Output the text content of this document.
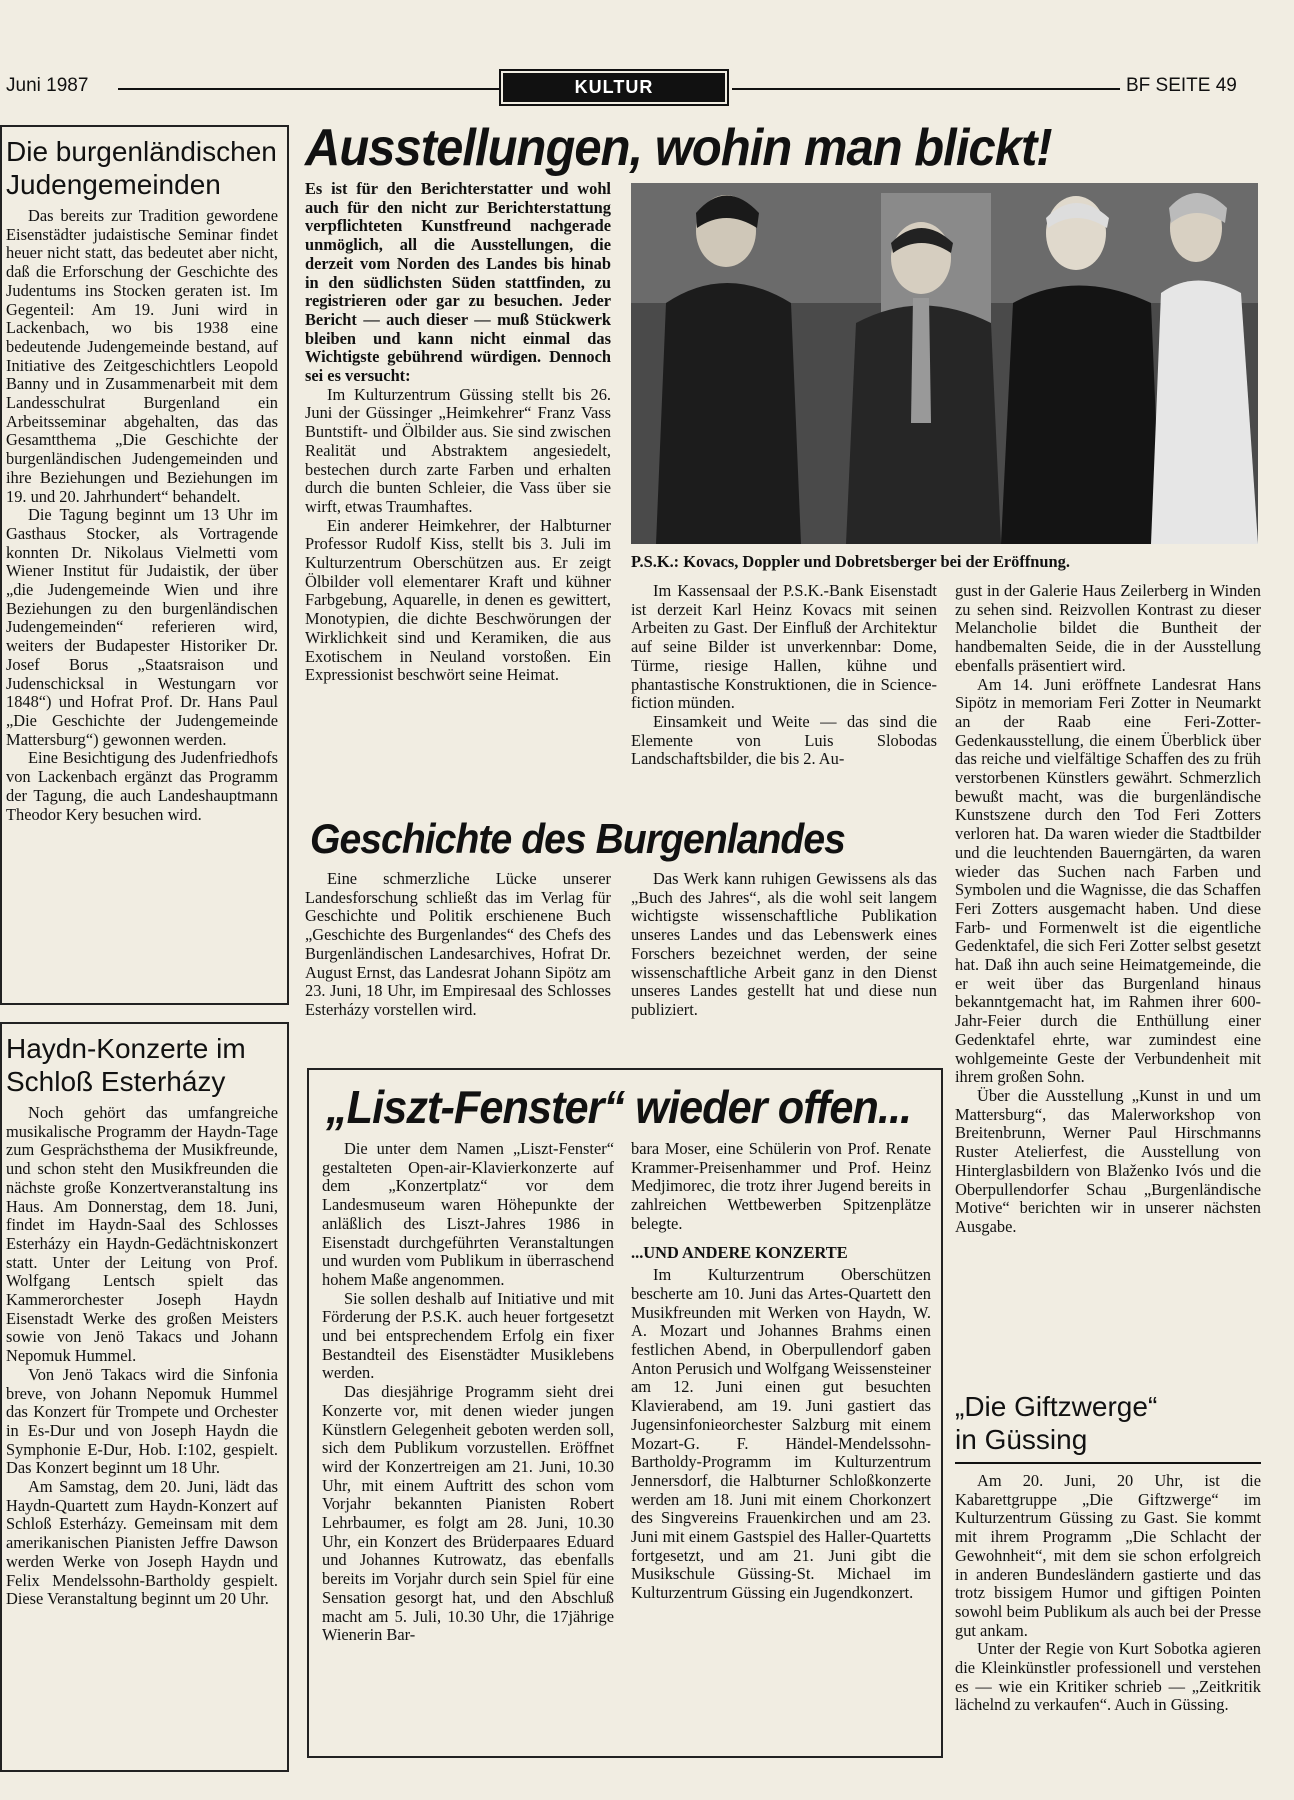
Juni 1987	KULTUR	BF SEITE 49
Die burgenländischen
Judengemeinden

Das bereits zur Tradition gewordene Eisenstädter judaistische Seminar findet heuer nicht statt, das bedeutet aber nicht, daß die Erforschung der Geschichte des Judentums ins Stocken geraten ist. Im Gegenteil: Am 19. Juni wird in Lackenbach, wo bis 1938 eine bedeutende Judengemeinde bestand, auf Initiative des Zeitgeschichtlers Leopold Banny und in Zusammenarbeit mit dem Landesschulrat Burgenland ein Arbeitsseminar abgehalten, das das Gesamtthema „Die Geschichte der burgenländischen Judengemeinden und ihre Beziehungen und Beziehungen im 19. und 20. Jahrhundert“ behandelt.

Die Tagung beginnt um 13 Uhr im Gasthaus Stocker, als Vortragende konnten Dr. Nikolaus Vielmetti vom Wiener Institut für Judaistik, der über „die Judengemeinde Wien und ihre Beziehungen zu den burgenländischen Judengemeinden“ referieren wird, weiters der Budapester Historiker Dr. Josef Borus „Staatsraison und Judenschicksal in Westungarn vor 1848“) und Hofrat Prof. Dr. Hans Paul „Die Geschichte der Judengemeinde Mattersburg“) gewonnen werden.

Eine Besichtigung des Judenfriedhofs von Lackenbach ergänzt das Programm der Tagung, die auch Landeshauptmann Theodor Kery besuchen wird.

Haydn-Konzerte im
Schloß Esterházy

Noch gehört das umfangreiche musikalische Programm der Haydn-Tage zum Gesprächsthema der Musikfreunde, und schon steht den Musikfreunden die nächste große Konzertveranstaltung ins Haus. Am Donnerstag, dem 18. Juni, findet im Haydn-Saal des Schlosses Esterházy ein Haydn-Gedächtniskonzert statt. Unter der Leitung von Prof. Wolfgang Lentsch spielt das Kammerorchester Joseph Haydn Eisenstadt Werke des großen Meisters sowie von Jenö Takacs und Johann Nepomuk Hummel.

Von Jenö Takacs wird die Sinfonia breve, von Johann Nepomuk Hummel das Konzert für Trompete und Orchester in Es-Dur und von Joseph Haydn die Symphonie E-Dur, Hob. I:102, gespielt. Das Konzert beginnt um 18 Uhr.

Am Samstag, dem 20. Juni, lädt das Haydn-Quartett zum Haydn-Konzert auf Schloß Esterházy. Gemeinsam mit dem amerikanischen Pianisten Jeffre Dawson werden Werke von Joseph Haydn und Felix Mendelssohn-Bartholdy gespielt. Diese Veranstaltung beginnt um 20 Uhr.

Ausstellungen, wohin man blickt!

Es ist für den Berichterstatter und wohl auch für den nicht zur Berichterstattung verpflichteten Kunstfreund nachgerade unmöglich, all die Ausstellungen, die derzeit vom Norden des Landes bis hinab in den südlichsten Süden stattfinden, zu registrieren oder gar zu besuchen. Jeder Bericht — auch dieser — muß Stückwerk bleiben und kann nicht einmal das Wichtigste gebührend würdigen. Dennoch sei es versucht:

Im Kulturzentrum Güssing stellt bis 26. Juni der Güssinger „Heimkehrer“ Franz Vass Buntstift- und Ölbilder aus. Sie sind zwischen Realität und Abstraktem angesiedelt, bestechen durch zarte Farben und erhalten durch die bunten Schleier, die Vass über sie wirft, etwas Traumhaftes.

Ein anderer Heimkehrer, der Halbturner Professor Rudolf Kiss, stellt bis 3. Juli im Kulturzentrum Oberschützen aus. Er zeigt Ölbilder voll elementarer Kraft und kühner Farbgebung, Aquarelle, in denen es gewittert, Monotypien, die dichte Beschwörungen der Wirklichkeit sind und Keramiken, die aus Exotischem in Neuland vorstoßen. Ein Expressionist beschwört seine Heimat.

P.S.K.: Kovacs, Doppler und Dobretsberger bei der Eröffnung.

Im Kassensaal der P.S.K.-Bank Eisenstadt ist derzeit Karl Heinz Kovacs mit seinen Arbeiten zu Gast. Der Einfluß der Architektur auf seine Bilder ist unverkennbar: Dome, Türme, riesige Hallen, kühne und phantastische Konstruktionen, die in Science-fiction münden.

Einsamkeit und Weite — das sind die Elemente von Luis Slobodas Landschaftsbilder, die bis 2. Au-

gust in der Galerie Haus Zeilerberg in Winden zu sehen sind. Reizvollen Kontrast zu dieser Melancholie bildet die Buntheit der handbemalten Seide, die in der Ausstellung ebenfalls präsentiert wird.

Am 14. Juni eröffnete Landesrat Hans Sipötz in memoriam Feri Zotter in Neumarkt an der Raab eine Feri-Zotter-Gedenkausstellung, die einem Überblick über das reiche und vielfältige Schaffen des zu früh verstorbenen Künstlers gewährt. Schmerzlich bewußt macht, was die burgenländische Kunstszene durch den Tod Feri Zotters verloren hat. Da waren wieder die Stadtbilder und die leuchtenden Bauerngärten, da waren wieder das Suchen nach Farben und Symbolen und die Wagnisse, die das Schaffen Feri Zotters ausgemacht haben. Und diese Farb- und Formenwelt ist die eigentliche Gedenktafel, die sich Feri Zotter selbst gesetzt hat. Daß ihn auch seine Heimatgemeinde, die er weit über das Burgenland hinaus bekanntgemacht hat, im Rahmen ihrer 600-Jahr-Feier durch die Enthüllung einer Gedenktafel ehrte, war zumindest eine wohlgemeinte Geste der Verbundenheit mit ihrem großen Sohn.

Über die Ausstellung „Kunst in und um Mattersburg“, das Malerworkshop von Breitenbrunn, Werner Paul Hirschmanns Ruster Atelierfest, die Ausstellung von Hinterglasbildern von Blaženko Ivós und die Oberpullendorfer Schau „Burgenländische Motive“ berichten wir in unserer nächsten Ausgabe.

Geschichte des Burgenlandes

Eine schmerzliche Lücke unserer Landesforschung schließt das im Verlag für Geschichte und Politik erschienene Buch „Geschichte des Burgenlandes“ des Chefs des Burgenländischen Landesarchives, Hofrat Dr. August Ernst, das Landesrat Johann Sipötz am 23. Juni, 18 Uhr, im Empiresaal des Schlosses Esterházy vorstellen wird.

Das Werk kann ruhigen Gewissens als das „Buch des Jahres“, als die wohl seit langem wichtigste wissenschaftliche Publikation unseres Landes und das Lebenswerk eines Forschers bezeichnet werden, der seine wissenschaftliche Arbeit ganz in den Dienst unseres Landes gestellt hat und diese nun publiziert.

„Liszt-Fenster“ wieder offen...

Die unter dem Namen „Liszt-Fenster“ gestalteten Open-air-Klavierkonzerte auf dem „Konzertplatz“ vor dem Landesmuseum waren Höhepunkte der anläßlich des Liszt-Jahres 1986 in Eisenstadt durchgeführten Veranstaltungen und wurden vom Publikum in überraschend hohem Maße angenommen.

Sie sollen deshalb auf Initiative und mit Förderung der P.S.K. auch heuer fortgesetzt und bei entsprechendem Erfolg ein fixer Bestandteil des Eisenstädter Musiklebens werden.

Das diesjährige Programm sieht drei Konzerte vor, mit denen wieder jungen Künstlern Gelegenheit geboten werden soll, sich dem Publikum vorzustellen. Eröffnet wird der Konzertreigen am 21. Juni, 10.30 Uhr, mit einem Auftritt des schon vom Vorjahr bekannten Pianisten Robert Lehrbaumer, es folgt am 28. Juni, 10.30 Uhr, ein Konzert des Brüderpaares Eduard und Johannes Kutrowatz, das ebenfalls bereits im Vorjahr durch sein Spiel für eine Sensation gesorgt hat, und den Abschluß macht am 5. Juli, 10.30 Uhr, die 17jährige Wienerin Bar-

bara Moser, eine Schülerin von Prof. Renate Krammer-Preisenhammer und Prof. Heinz Medjimorec, die trotz ihrer Jugend bereits in zahlreichen Wettbewerben Spitzenplätze belegte.

...UND ANDERE KONZERTE

Im Kulturzentrum Oberschützen bescherte am 10. Juni das Artes-Quartett den Musikfreunden mit Werken von Haydn, W. A. Mozart und Johannes Brahms einen festlichen Abend, in Oberpullendorf gaben Anton Perusich und Wolfgang Weissensteiner am 12. Juni einen gut besuchten Klavierabend, am 19. Juni gastiert das Jugensinfonieorchester Salzburg mit einem Mozart-G. F. Händel-Mendelssohn-Bartholdy-Programm im Kulturzentrum Jennersdorf, die Halbturner Schloßkonzerte werden am 18. Juni mit einem Chorkonzert des Singvereins Frauenkirchen und am 23. Juni mit einem Gastspiel des Haller-Quartetts fortgesetzt, und am 21. Juni gibt die Musikschule Güssing-St. Michael im Kulturzentrum Güssing ein Jugendkonzert.

„Die Giftzwerge“
in Güssing

Am 20. Juni, 20 Uhr, ist die Kabarettgruppe „Die Giftzwerge“ im Kulturzentrum Güssing zu Gast. Sie kommt mit ihrem Programm „Die Schlacht der Gewohnheit“, mit dem sie schon erfolgreich in anderen Bundesländern gastierte und das trotz bissigem Humor und giftigen Pointen sowohl beim Publikum als auch bei der Presse gut ankam.

Unter der Regie von Kurt Sobotka agieren die Kleinkünstler professionell und verstehen es — wie ein Kritiker schrieb — „Zeitkritik lächelnd zu verkaufen“. Auch in Güssing.
